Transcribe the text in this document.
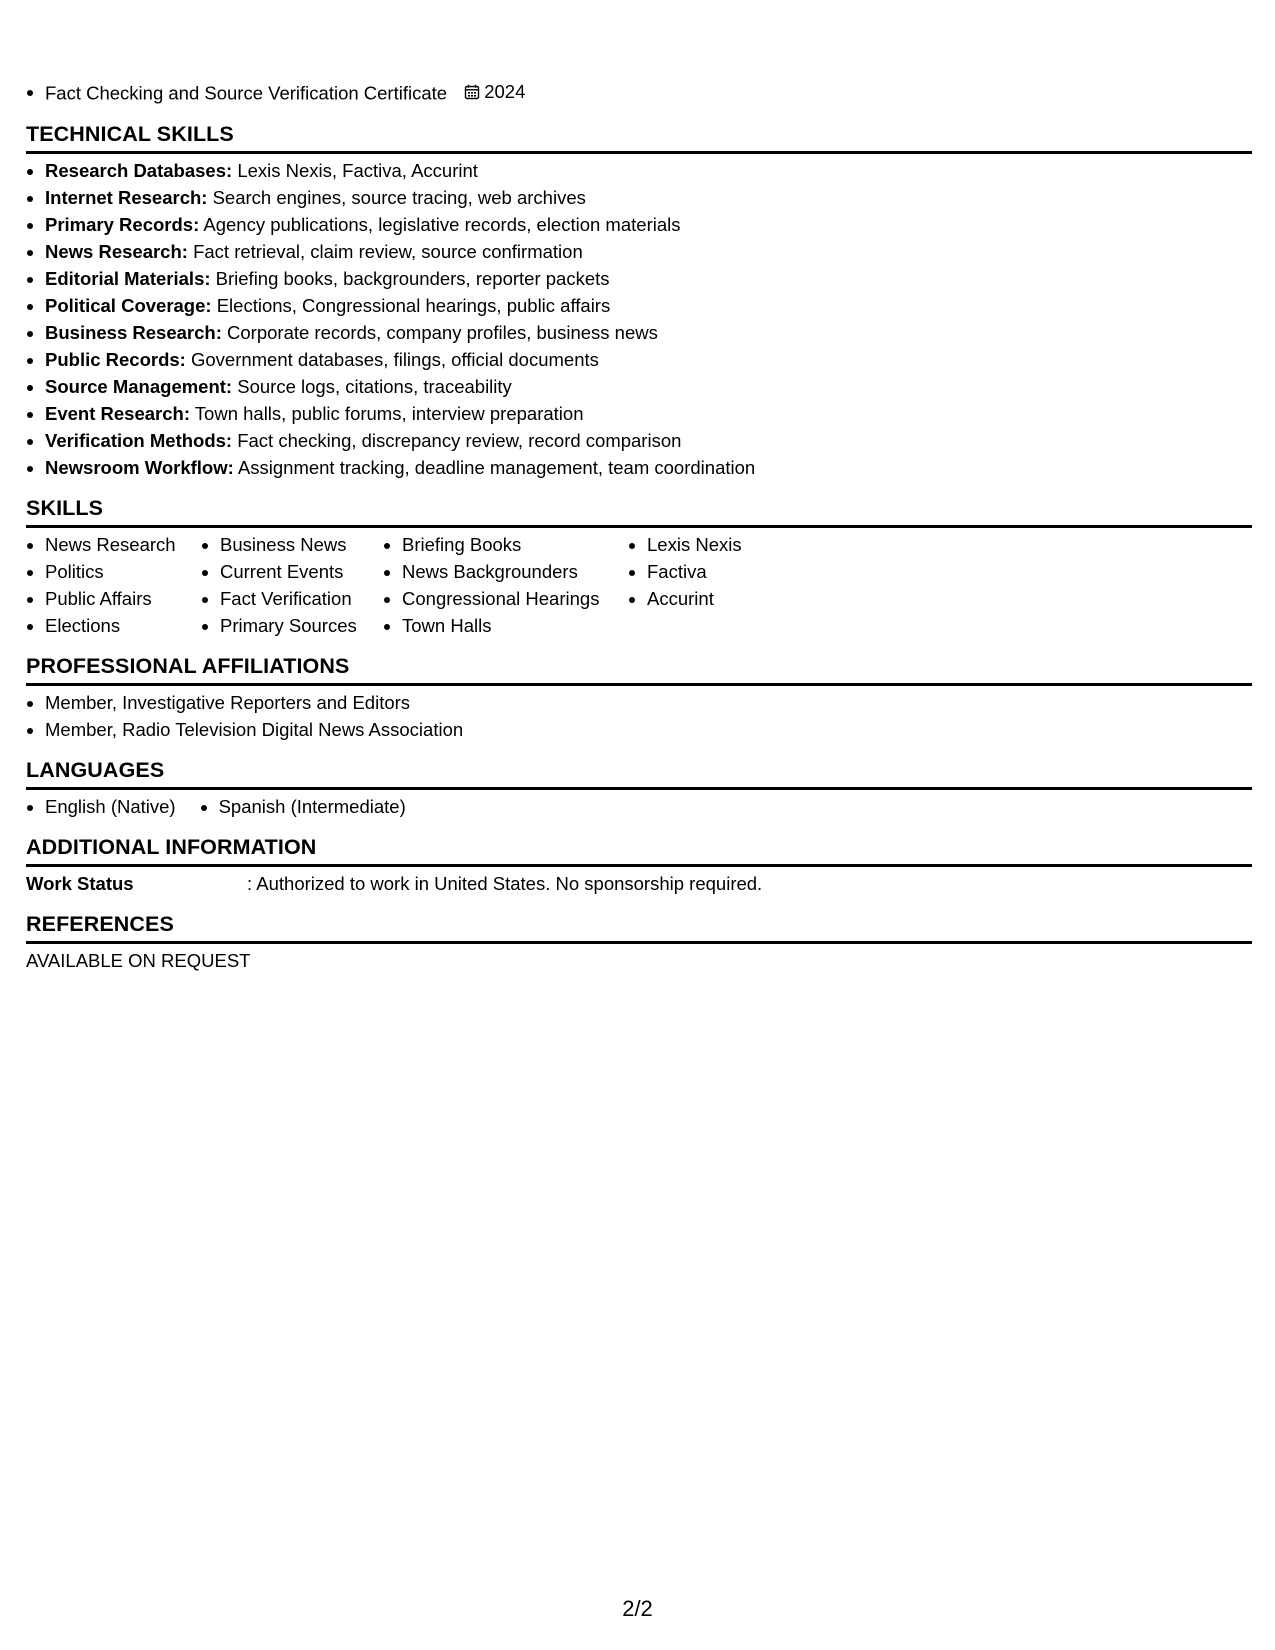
Fact Checking and Source Verification Certificate 2024
TECHNICAL SKILLS
Research Databases: Lexis Nexis, Factiva, Accurint
Internet Research: Search engines, source tracing, web archives
Primary Records: Agency publications, legislative records, election materials
News Research: Fact retrieval, claim review, source confirmation
Editorial Materials: Briefing books, backgrounders, reporter packets
Political Coverage: Elections, Congressional hearings, public affairs
Business Research: Corporate records, company profiles, business news
Public Records: Government databases, filings, official documents
Source Management: Source logs, citations, traceability
Event Research: Town halls, public forums, interview preparation
Verification Methods: Fact checking, discrepancy review, record comparison
Newsroom Workflow: Assignment tracking, deadline management, team coordination
SKILLS
News Research
Politics
Public Affairs
Elections
Business News
Current Events
Fact Verification
Primary Sources
Briefing Books
News Backgrounders
Congressional Hearings
Town Halls
Lexis Nexis
Factiva
Accurint
PROFESSIONAL AFFILIATIONS
Member, Investigative Reporters and Editors
Member, Radio Television Digital News Association
LANGUAGES
English (Native)	Spanish (Intermediate)
ADDITIONAL INFORMATION
Work Status	: Authorized to work in United States. No sponsorship required.
REFERENCES
AVAILABLE ON REQUEST
2/2
